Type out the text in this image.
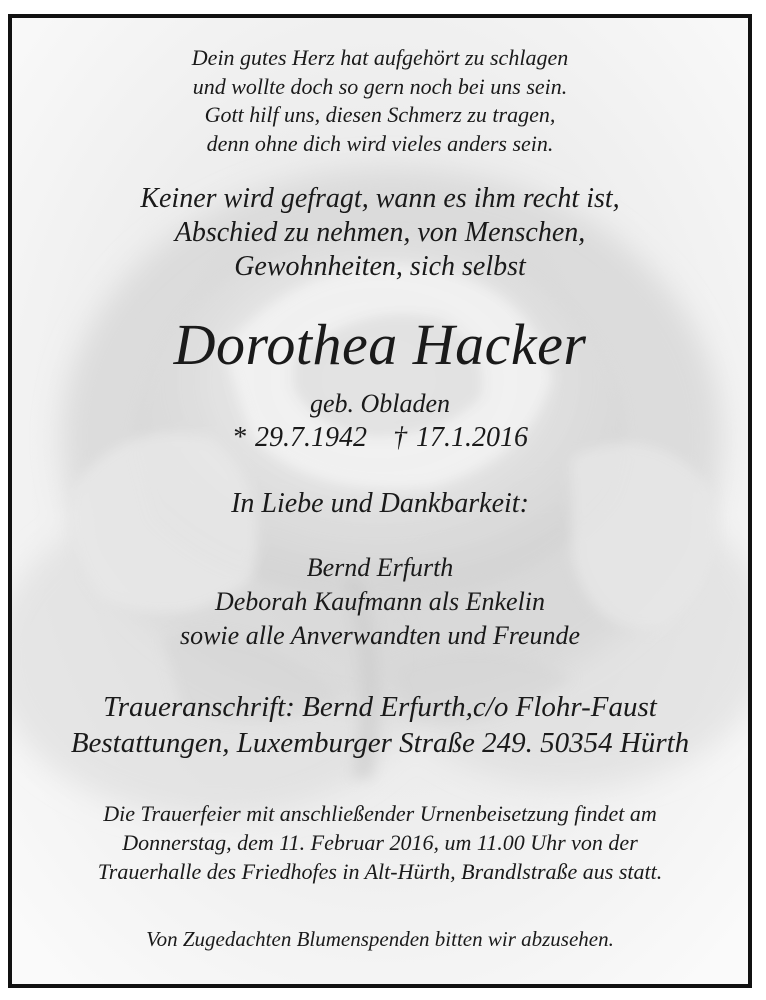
Dein gutes Herz hat aufgehört zu schlagen
und wollte doch so gern noch bei uns sein.
Gott hilf uns, diesen Schmerz zu tragen,
denn ohne dich wird vieles anders sein.
Keiner wird gefragt, wann es ihm recht ist,
Abschied zu nehmen, von Menschen,
Gewohnheiten, sich selbst
Dorothea Hacker
geb. Obladen
* 29.7.1942 † 17.1.2016
In Liebe und Dankbarkeit:
Bernd Erfurth
Deborah Kaufmann als Enkelin
sowie alle Anverwandten und Freunde
Traueranschrift: Bernd Erfurth,c/o Flohr-Faust
Bestattungen, Luxemburger Straße 249. 50354 Hürth
Die Trauerfeier mit anschließender Urnenbeisetzung findet am
Donnerstag, dem 11. Februar 2016, um 11.00 Uhr von der
Trauerhalle des Friedhofes in Alt-Hürth, Brandlstraße aus statt.
Von Zugedachten Blumenspenden bitten wir abzusehen.
